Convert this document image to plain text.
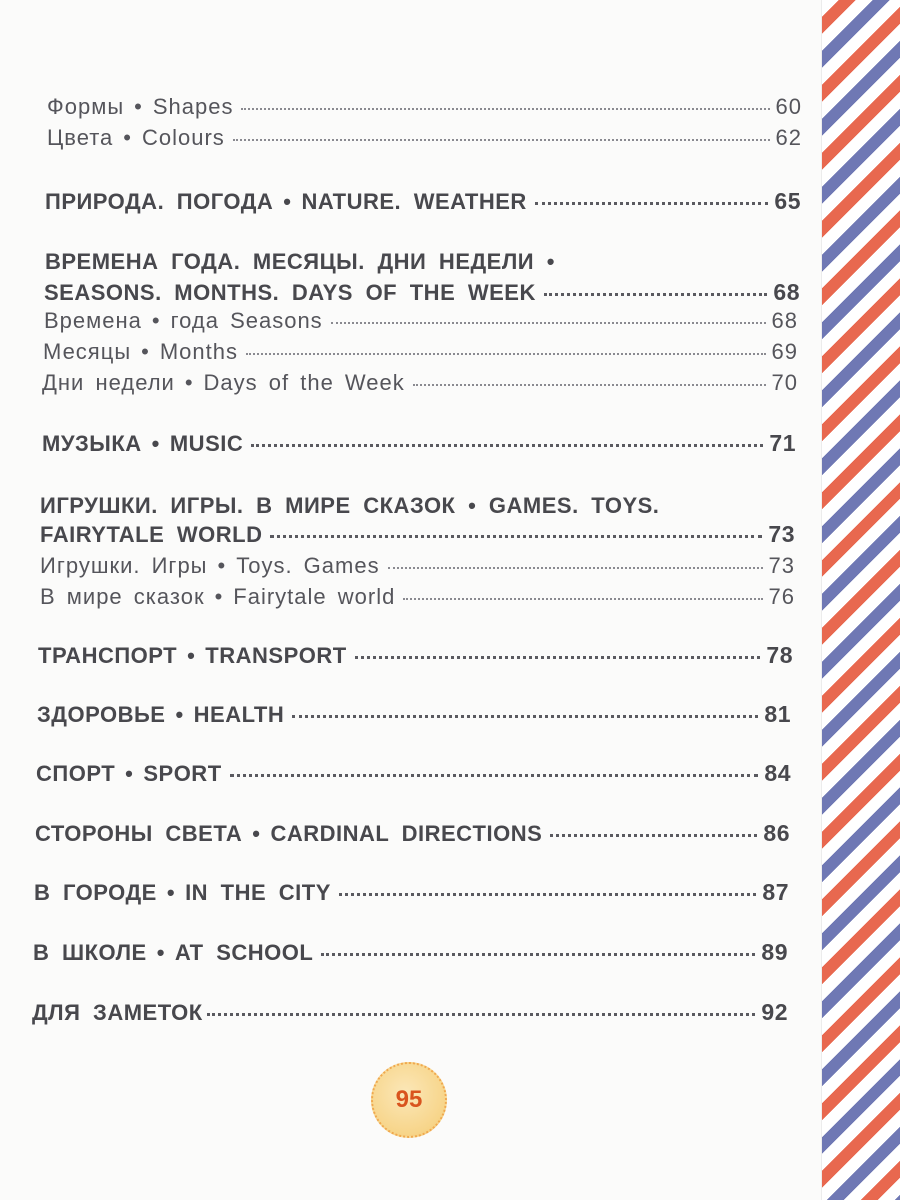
Формы • Shapes	60
Цвета • Colours	62
ПРИРОДА. ПОГОДА • NATURE. WEATHER	65
ВРЕМЕНА ГОДА. МЕСЯЦЫ. ДНИ НЕДЕЛИ •
SEASONS. MONTHS. DAYS OF THE WEEK	68
Времена • года Seasons	68
Месяцы • Months	69
Дни недели • Days of the Week	70
МУЗЫКА • MUSIC	71
ИГРУШКИ. ИГРЫ. В МИРЕ СКАЗОК • GAMES. TOYS.
FAIRYTALE WORLD	73
Игрушки. Игры • Toys. Games	73
В мире сказок • Fairytale world	76
ТРАНСПОРТ • TRANSPORT	78
ЗДОРОВЬЕ • HEALTH	81
СПОРТ • SPORT	84
СТОРОНЫ СВЕТА • CARDINAL DIRECTIONS	86
В ГОРОДЕ • IN THE CITY	87
В ШКОЛЕ • AT SCHOOL	89
ДЛЯ ЗАМЕТОК	92
95
